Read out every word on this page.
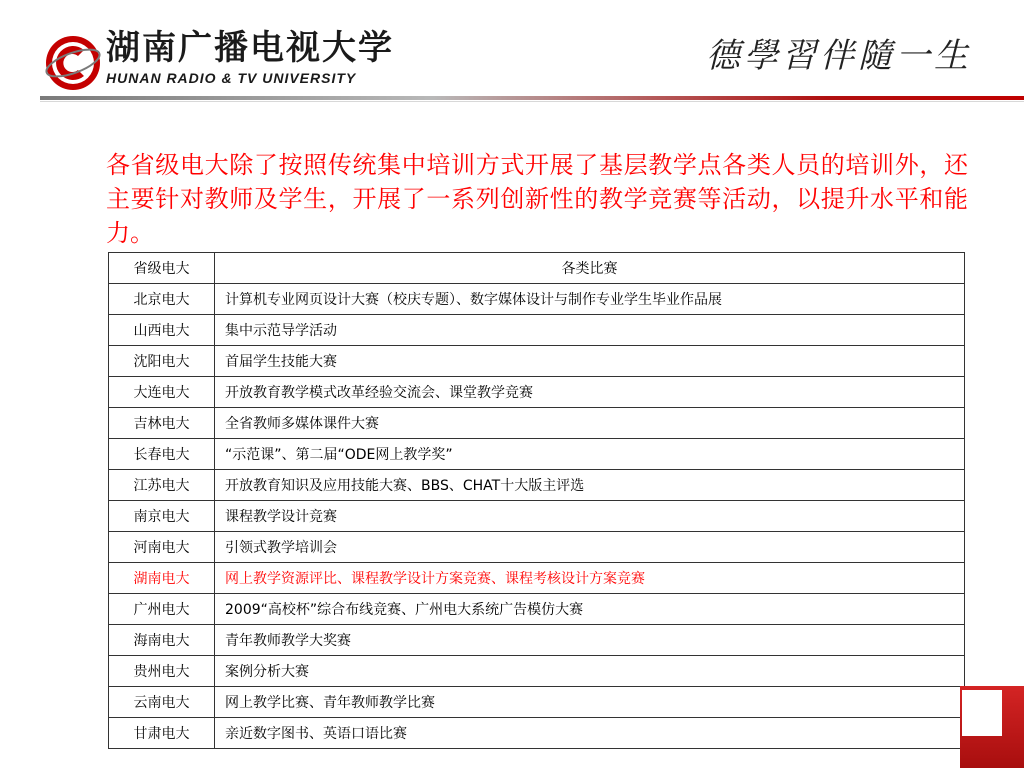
湖南广播电视大学
HUNAN RADIO & TV UNIVERSITY
德學習伴隨一生

各省级电大除了按照传统集中培训方式开展了基层教学点各类人员的培训外，还主要针对教师及学生，开展了一系列创新性的教学竞赛等活动，以提升水平和能力。

省级电大	各类比赛
北京电大	计算机专业网页设计大赛（校庆专题）、数字媒体设计与制作专业学生毕业作品展
山西电大	集中示范导学活动
沈阳电大	首届学生技能大赛
大连电大	开放教育教学模式改革经验交流会、课堂教学竞赛
吉林电大	全省教师多媒体课件大赛
长春电大	“示范课”、第二届“ODE网上教学奖”
江苏电大	开放教育知识及应用技能大赛、BBS、CHAT十大版主评选
南京电大	课程教学设计竞赛
河南电大	引领式教学培训会
湖南电大	网上教学资源评比、课程教学设计方案竞赛、课程考核设计方案竞赛
广州电大	2009“高校杯”综合布线竞赛、广州电大系统广告模仿大赛
海南电大	青年教师教学大奖赛
贵州电大	案例分析大赛
云南电大	网上教学比赛、青年教师教学比赛
甘肃电大	亲近数字图书、英语口语比赛
